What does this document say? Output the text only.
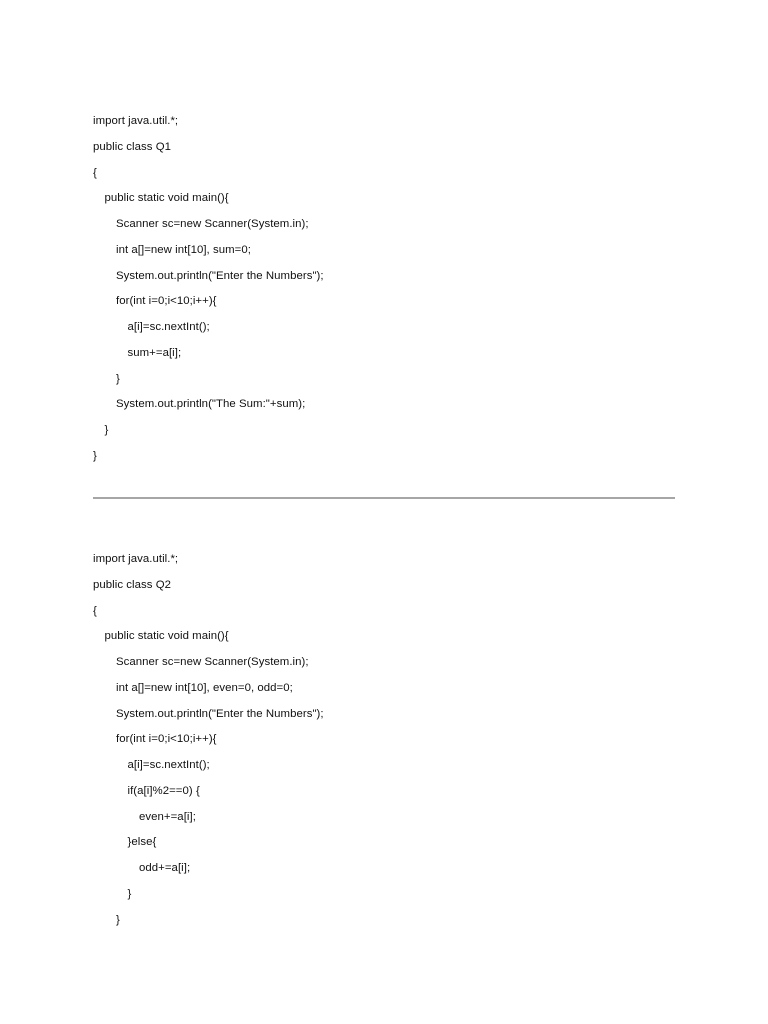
import java.util.*;
public class Q1
{
public static void main(){
Scanner sc=new Scanner(System.in);
int a[]=new int[10], sum=0;
System.out.println("Enter the Numbers");
for(int i=0;i<10;i++){
a[i]=sc.nextInt();
sum+=a[i];
}
System.out.println("The Sum:"+sum);
}
}
import java.util.*;
public class Q2
{
public static void main(){
Scanner sc=new Scanner(System.in);
int a[]=new int[10], even=0, odd=0;
System.out.println("Enter the Numbers");
for(int i=0;i<10;i++){
a[i]=sc.nextInt();
if(a[i]%2==0) {
even+=a[i];
}else{
odd+=a[i];
}
}
